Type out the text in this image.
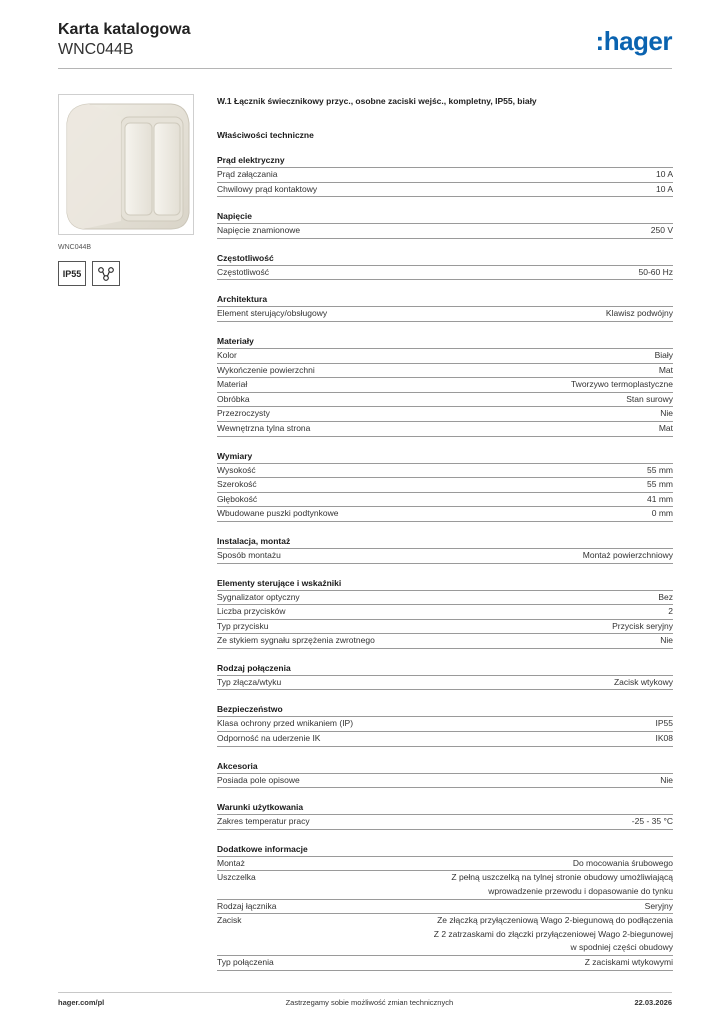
Karta katalogowa
WNC044B	:hager
WNC044B
IP55
W.1 Łącznik świecznikowy przyc., osobne zaciski wejśc., kompletny, IP55, biały
Właściwości techniczne
Prąd elektryczny
Prąd załączania	10 A
Chwilowy prąd kontaktowy	10 A
Napięcie
Napięcie znamionowe	250 V
Częstotliwość
Częstotliwość	50-60 Hz
Architektura
Element sterujący/obsługowy	Klawisz podwójny
Materiały
Kolor	Biały
Wykończenie powierzchni	Mat
Materiał	Tworzywo termoplastyczne
Obróbka	Stan surowy
Przezroczysty	Nie
Wewnętrzna tylna strona	Mat
Wymiary
Wysokość	55 mm
Szerokość	55 mm
Głębokość	41 mm
Wbudowane puszki podtynkowe	0 mm
Instalacja, montaż
Sposób montażu	Montaż powierzchniowy
Elementy sterujące i wskaźniki
Sygnalizator optyczny	Bez
Liczba przycisków	2
Typ przycisku	Przycisk seryjny
Ze stykiem sygnału sprzężenia zwrotnego	Nie
Rodzaj połączenia
Typ złącza/wtyku	Zacisk wtykowy
Bezpieczeństwo
Klasa ochrony przed wnikaniem (IP)	IP55
Odporność na uderzenie IK	IK08
Akcesoria
Posiada pole opisowe	Nie
Warunki użytkowania
Zakres temperatur pracy	-25 - 35 °C
Dodatkowe informacje
Montaż	Do mocowania śrubowego
Uszczelka	Z pełną uszczelką na tylnej stronie obudowy umożliwiającą
wprowadzenie przewodu i dopasowanie do tynku
Rodzaj łącznika	Seryjny
Zacisk	Ze złączką przyłączeniową Wago 2-biegunową do podłączenia
Z 2 zatrzaskami do złączki przyłączeniowej Wago 2-biegunowej
w spodniej części obudowy
Typ połączenia	Z zaciskami wtykowymi
hager.com/pl	Zastrzegamy sobie możliwość zmian technicznych	22.03.2026
